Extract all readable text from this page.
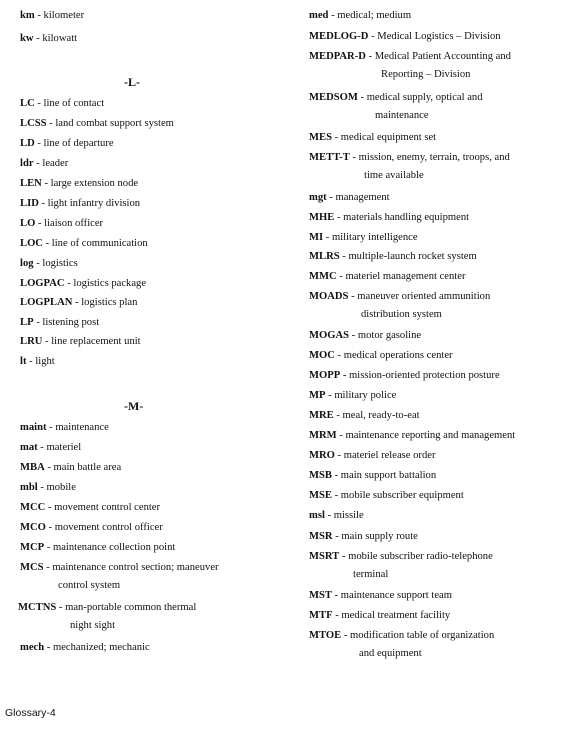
km - kilometer
kw - kilowatt
-L-
LC - line of contact
LCSS - land combat support system
LD - line of departure
ldr - leader
LEN - large extension node
LID - light infantry division
LO - liaison officer
LOC - line of communication
log - logistics
LOGPAC - logistics package
LOGPLAN - logistics plan
LP - listening post
LRU - line replacement unit
lt - light
-M-
maint - maintenance
mat - materiel
MBA - main battle area
mbl - mobile
MCC - movement control center
MCO - movement control officer
MCP - maintenance collection point
MCS - maintenance control section; maneuver
control system
MCTNS - man-portable common thermal
night sight
mech - mechanized; mechanic
med - medical; medium
MEDLOG-D - Medical Logistics – Division
MEDPAR-D - Medical Patient Accounting and
Reporting – Division
MEDSOM - medical supply, optical and
maintenance
MES - medical equipment set
METT-T - mission, enemy, terrain, troops, and
time available
mgt - management
MHE - materials handling equipment
MI - military intelligence
MLRS - multiple-launch rocket system
MMC - materiel management center
MOADS - maneuver oriented ammunition
distribution system
MOGAS - motor gasoline
MOC - medical operations center
MOPP - mission-oriented protection posture
MP - military police
MRE - meal, ready-to-eat
MRM - maintenance reporting and management
MRO - materiel release order
MSB - main support battalion
MSE - mobile subscriber equipment
msl - missile
MSR - main supply route
MSRT - mobile subscriber radio-telephone
terminal
MST - maintenance support team
MTF - medical treatment facility
MTOE - modification table of organization
and equipment
Glossary-4
